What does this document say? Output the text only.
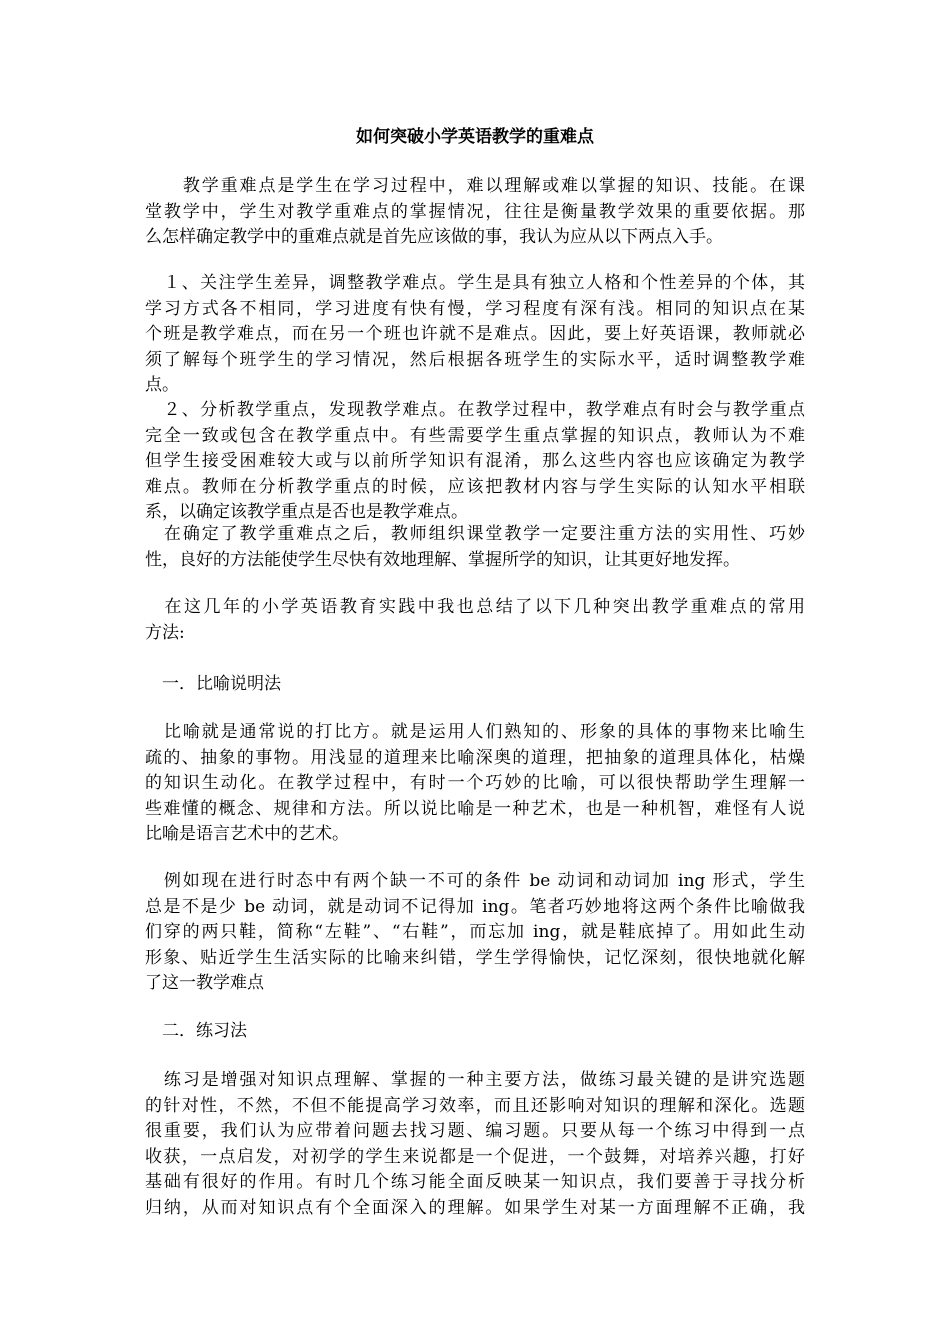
如何突破小学英语教学的重难点
　　教学重难点是学生在学习过程中，难以理解或难以掌握的知识、技能。在课
堂教学中，学生对教学重难点的掌握情况，往往是衡量教学效果的重要依据。那
么怎样确定教学中的重难点就是首先应该做的事，我认为应从以下两点入手。
　１、关注学生差异，调整教学难点。学生是具有独立人格和个性差异的个体，其
学习方式各不相同，学习进度有快有慢，学习程度有深有浅。相同的知识点在某
个班是教学难点，而在另一个班也许就不是难点。因此，要上好英语课，教师就必
须了解每个班学生的学习情况，然后根据各班学生的实际水平，适时调整教学难
点。
　２、分析教学重点，发现教学难点。在教学过程中，教学难点有时会与教学重点
完全一致或包含在教学重点中。有些需要学生重点掌握的知识点，教师认为不难
但学生接受困难较大或与以前所学知识有混淆，那么这些内容也应该确定为教学
难点。教师在分析教学重点的时候，应该把教材内容与学生实际的认知水平相联
系，以确定该教学重点是否也是教学难点。
　在确定了教学重难点之后，教师组织课堂教学一定要注重方法的实用性、巧妙
性，良好的方法能使学生尽快有效地理解、掌握所学的知识，让其更好地发挥。
　在这几年的小学英语教育实践中我也总结了以下几种突出教学重难点的常用
方法:
　一．比喻说明法
　比喻就是通常说的打比方。就是运用人们熟知的、形象的具体的事物来比喻生
疏的、抽象的事物。用浅显的道理来比喻深奥的道理，把抽象的道理具体化，枯燥
的知识生动化。在教学过程中，有时一个巧妙的比喻，可以很快帮助学生理解一
些难懂的概念、规律和方法。所以说比喻是一种艺术，也是一种机智，难怪有人说
比喻是语言艺术中的艺术。
　例如现在进行时态中有两个缺一不可的条件 be 动词和动词加 ing 形式，学生
总是不是少 be 动词，就是动词不记得加 ing。笔者巧妙地将这两个条件比喻做我
们穿的两只鞋，简称“左鞋”、“右鞋”，而忘加 ing，就是鞋底掉了。用如此生动
形象、贴近学生生活实际的比喻来纠错，学生学得愉快，记忆深刻，很快地就化解
了这一教学难点
　二．练习法
　练习是增强对知识点理解、掌握的一种主要方法，做练习最关键的是讲究选题
的针对性，不然，不但不能提高学习效率，而且还影响对知识的理解和深化。选题
很重要，我们认为应带着问题去找习题、编习题。只要从每一个练习中得到一点
收获，一点启发，对初学的学生来说都是一个促进，一个鼓舞，对培养兴趣，打好
基础有很好的作用。有时几个练习能全面反映某一知识点，我们要善于寻找分析
归纳，从而对知识点有个全面深入的理解。如果学生对某一方面理解不正确，我
